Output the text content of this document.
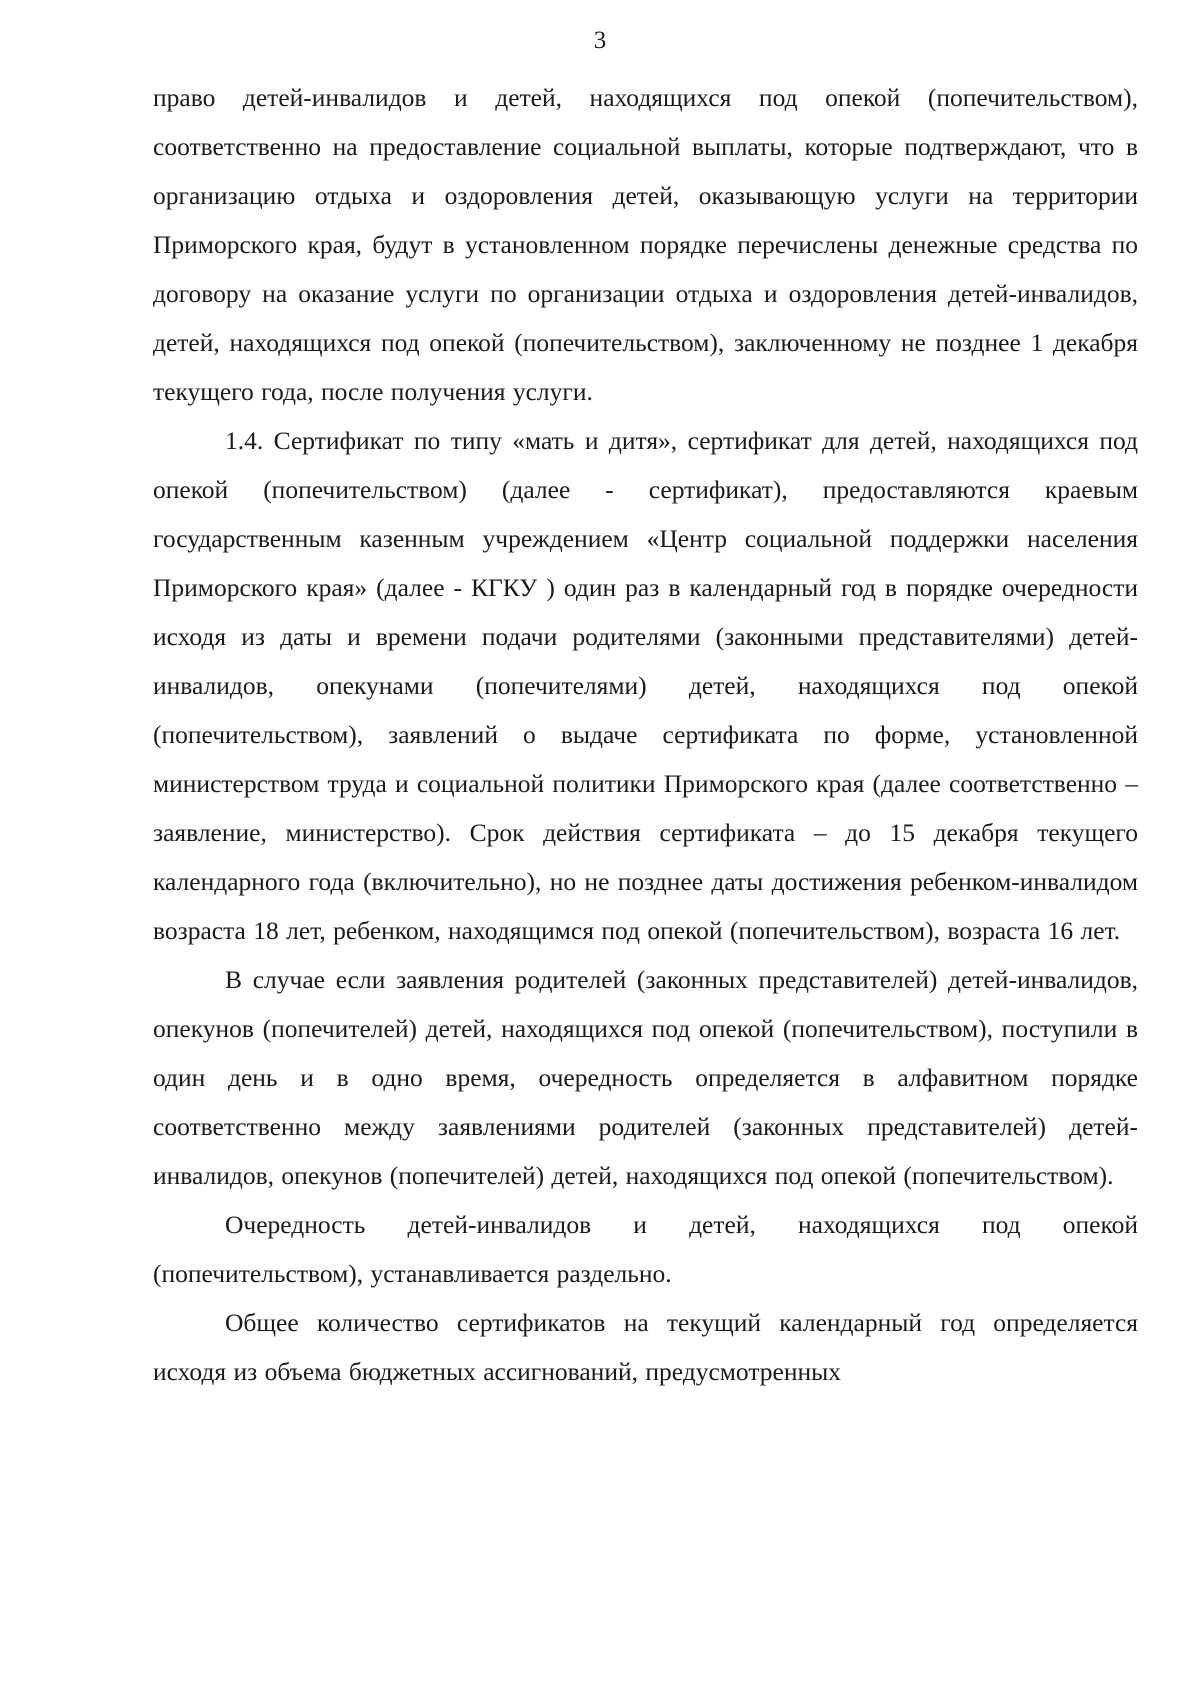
3

право детей-инвалидов и детей, находящихся под опекой (попечительством), соответственно на предоставление социальной выплаты, которые подтверждают, что в организацию отдыха и оздоровления детей, оказывающую услуги на территории Приморского края, будут в установленном порядке перечислены денежные средства по договору на оказание услуги по организации отдыха и оздоровления детей-инвалидов, детей, находящихся под опекой (попечительством), заключенному не позднее 1 декабря текущего года, после получения услуги.

1.4. Сертификат по типу «мать и дитя», сертификат для детей, находящихся под опекой (попечительством) (далее - сертификат), предоставляются краевым государственным казенным учреждением «Центр социальной поддержки населения Приморского края» (далее - КГКУ ) один раз в календарный год в порядке очередности исходя из даты и времени подачи родителями (законными представителями) детей-инвалидов, опекунами (попечителями) детей, находящихся под опекой (попечительством), заявлений о выдаче сертификата по форме, установленной министерством труда и социальной политики Приморского края (далее соответственно – заявление, министерство). Срок действия сертификата – до 15 декабря текущего календарного года (включительно), но не позднее даты достижения ребенком-инвалидом возраста 18 лет, ребенком, находящимся под опекой (попечительством), возраста 16 лет.

В случае если заявления родителей (законных представителей) детей-инвалидов, опекунов (попечителей) детей, находящихся под опекой (попечительством), поступили в один день и в одно время, очередность определяется в алфавитном порядке соответственно между заявлениями родителей (законных представителей) детей-инвалидов, опекунов (попечителей) детей, находящихся под опекой (попечительством).

Очередность детей-инвалидов и детей, находящихся под опекой (попечительством), устанавливается раздельно.

Общее количество сертификатов на текущий календарный год определяется исходя из объема бюджетных ассигнований, предусмотренных
